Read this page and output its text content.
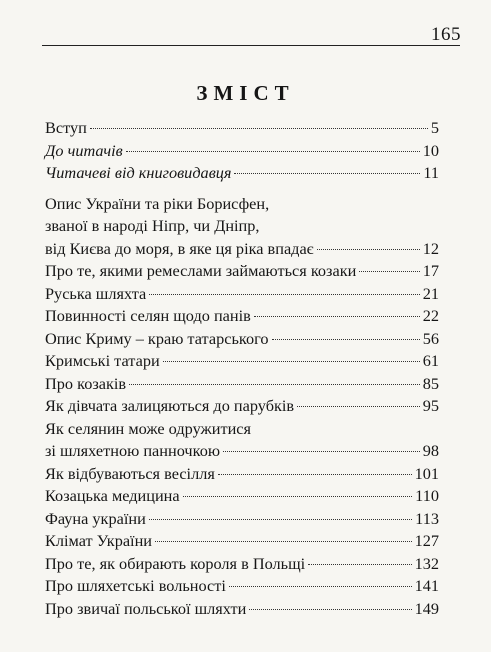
165
ЗМІСТ
Вступ	5
До читачів	10
Читачеві від книговидавця	11
Опис України та ріки Борисфен,
званої в народі Ніпр, чи Дніпр,
від Києва до моря, в яке ця ріка впадає	12
Про те, якими ремеслами займаються козаки	17
Руська шляхта	21
Повинності селян щодо панів	22
Опис Криму – краю татарського	56
Кримські татари	61
Про козаків	85
Як дівчата залицяються до парубків	95
Як селянин може одружитися
зі шляхетною панночкою	98
Як відбуваються весілля	101
Козацька медицина	110
Фауна україни	113
Клімат України	127
Про те, як обирають короля в Польщі	132
Про шляхетські вольності	141
Про звичаї польської шляхти	149
